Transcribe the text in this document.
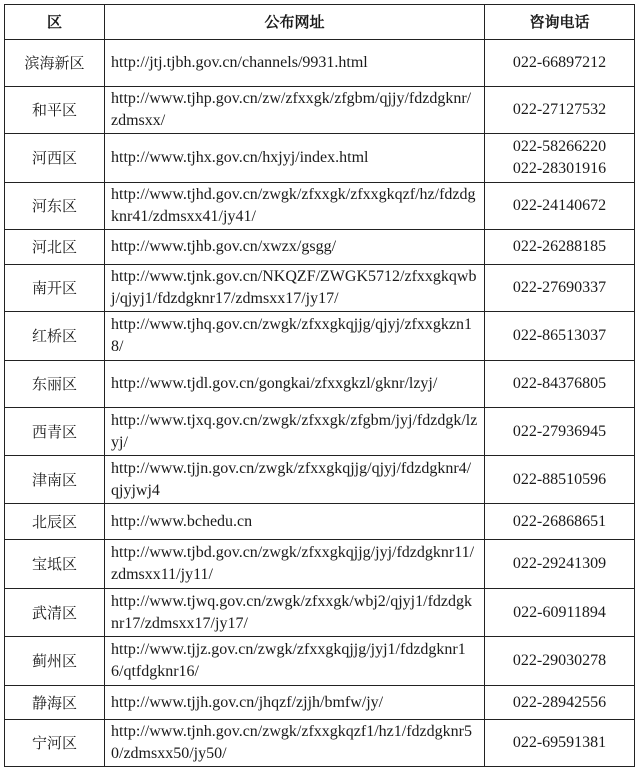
区	公布网址	咨询电话
滨海新区	http://jtj.tjbh.gov.cn/channels/9931.html	022-66897212

和平区	http://www.tjhp.gov.cn/zw/zfxxgk/zfgbm/qjjy/fdzdgknr/zdmsxx/	022-27127532

河西区	http://www.tjhx.gov.cn/hxjyj/index.html	022-58266220
022-28301916

河东区	http://www.tjhd.gov.cn/zwgk/zfxxgk/zfxxgkqzf/hz/fdzdgknr41/zdmsxx41/jy41/	022-24140672

河北区	http://www.tjhb.gov.cn/xwzx/gsgg/	022-26288185

南开区	http://www.tjnk.gov.cn/NKQZF/ZWGK5712/zfxxgkqwbj/qjyj1/fdzdgknr17/zdmsxx17/jy17/	022-27690337

红桥区	http://www.tjhq.gov.cn/zwgk/zfxxgkqjjg/qjyj/zfxxgkzn18/	022-86513037

东丽区	http://www.tjdl.gov.cn/gongkai/zfxxgkzl/gknr/lzyj/	022-84376805

西青区	http://www.tjxq.gov.cn/zwgk/zfxxgk/zfgbm/jyj/fdzdgk/lzyj/	022-27936945

津南区	http://www.tjjn.gov.cn/zwgk/zfxxgkqjjg/qjyj/fdzdgknr4/qjyjwj4	022-88510596

北辰区	http://www.bchedu.cn	022-26868651

宝坻区	http://www.tjbd.gov.cn/zwgk/zfxxgkqjjg/jyj/fdzdgknr11/zdmsxx11/jy11/	022-29241309

武清区	http://www.tjwq.gov.cn/zwgk/zfxxgk/wbj2/qjyj1/fdzdgknr17/zdmsxx17/jy17/	022-60911894

蓟州区	http://www.tjjz.gov.cn/zwgk/zfxxgkqjjg/jyj1/fdzdgknr16/qtfdgknr16/	022-29030278

静海区	http://www.tjjh.gov.cn/jhqzf/zjjh/bmfw/jy/	022-28942556

宁河区	http://www.tjnh.gov.cn/zwgk/zfxxgkqzf1/hz1/fdzdgknr50/zdmsxx50/jy50/	022-69591381
